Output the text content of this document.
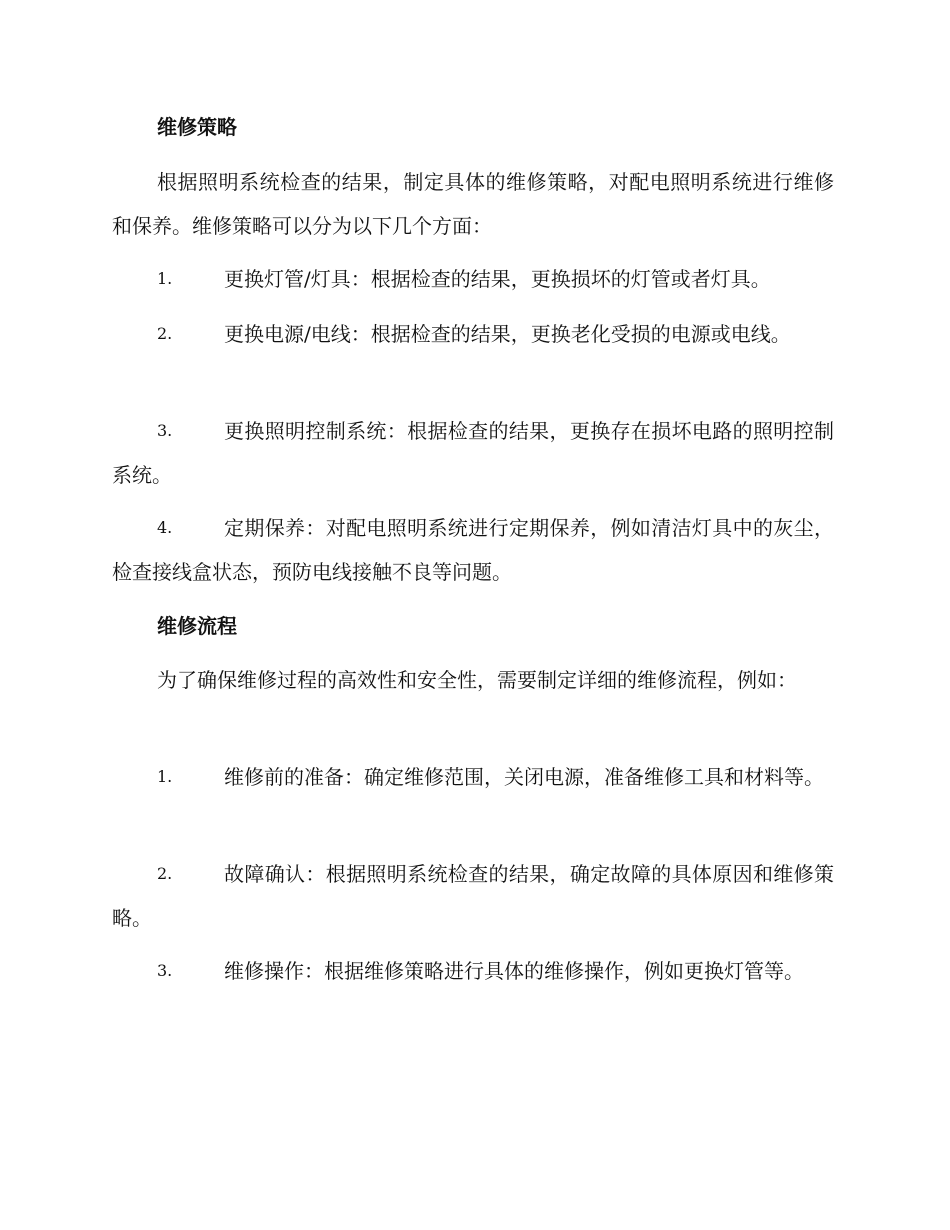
维修策略
根据照明系统检查的结果，制定具体的维修策略，对配电照明系统进行维修和保养。维修策略可以分为以下几个方面：
1.	更换灯管/灯具：根据检查的结果，更换损坏的灯管或者灯具。
2.	更换电源/电线：根据检查的结果，更换老化受损的电源或电线。
3.	更换照明控制系统：根据检查的结果，更换存在损坏电路的照明控制系统。
4.	定期保养：对配电照明系统进行定期保养，例如清洁灯具中的灰尘，检查接线盒状态，预防电线接触不良等问题。
维修流程
为了确保维修过程的高效性和安全性，需要制定详细的维修流程，例如：
1.	维修前的准备：确定维修范围，关闭电源，准备维修工具和材料等。
2.	故障确认：根据照明系统检查的结果，确定故障的具体原因和维修策略。
3.	维修操作：根据维修策略进行具体的维修操作，例如更换灯管等。
